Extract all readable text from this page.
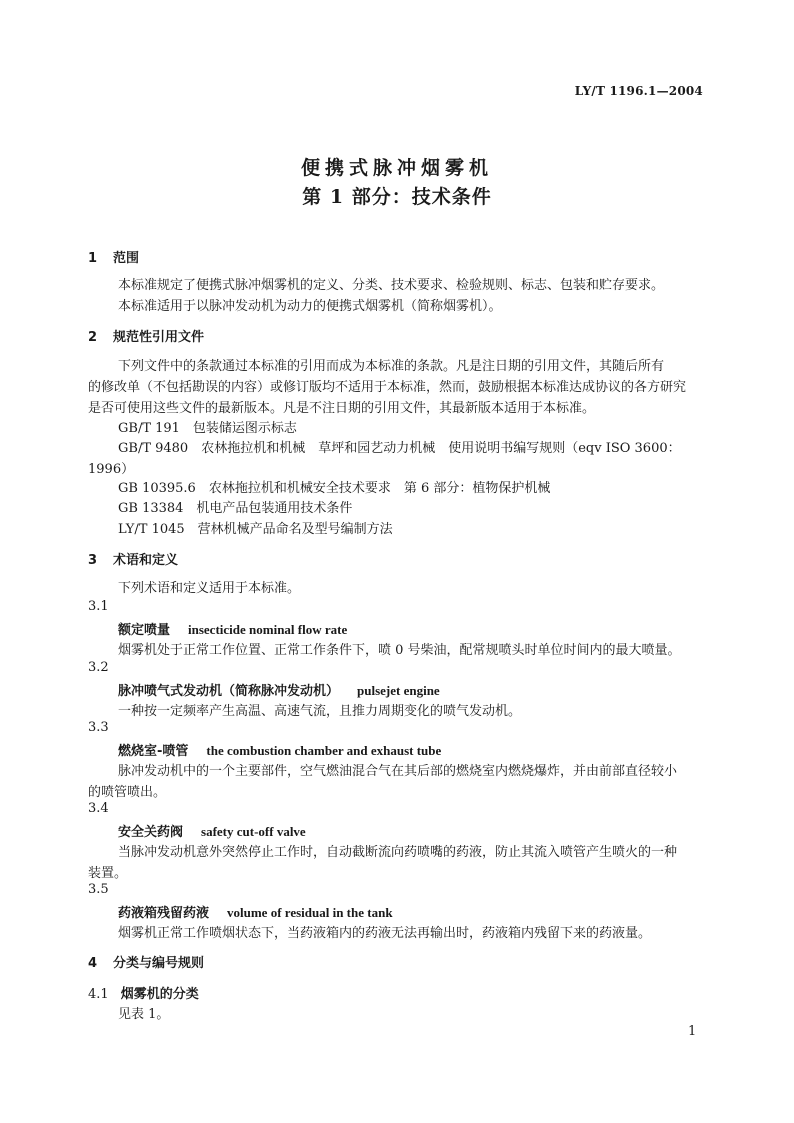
LY/T 1196.1—2004
便携式脉冲烟雾机
第 1 部分：技术条件
1 范围
本标准规定了便携式脉冲烟雾机的定义、分类、技术要求、检验规则、标志、包装和贮存要求。
本标准适用于以脉冲发动机为动力的便携式烟雾机（简称烟雾机）。
2 规范性引用文件
下列文件中的条款通过本标准的引用而成为本标准的条款。凡是注日期的引用文件，其随后所有
的修改单（不包括勘误的内容）或修订版均不适用于本标准，然而，鼓励根据本标准达成协议的各方研究
是否可使用这些文件的最新版本。凡是不注日期的引用文件，其最新版本适用于本标准。
GB/T 191　包装储运图示标志
GB/T 9480　农林拖拉机和机械　草坪和园艺动力机械　使用说明书编写规则（eqv ISO 3600：
1996）
GB 10395.6　农林拖拉机和机械安全技术要求　第 6 部分：植物保护机械
GB 13384　机电产品包装通用技术条件
LY/T 1045　营林机械产品命名及型号编制方法
3 术语和定义
下列术语和定义适用于本标准。
3.1
额定喷量 insecticide nominal flow rate
烟雾机处于正常工作位置、正常工作条件下，喷 0 号柴油，配常规喷头时单位时间内的最大喷量。
3.2
脉冲喷气式发动机（简称脉冲发动机） pulsejet engine
一种按一定频率产生高温、高速气流，且推力周期变化的喷气发动机。
3.3
燃烧室-喷管 the combustion chamber and exhaust tube
脉冲发动机中的一个主要部件，空气燃油混合气在其后部的燃烧室内燃烧爆炸，并由前部直径较小
的喷管喷出。
3.4
安全关药阀 safety cut-off valve
当脉冲发动机意外突然停止工作时，自动截断流向药喷嘴的药液，防止其流入喷管产生喷火的一种
装置。
3.5
药液箱残留药液 volume of residual in the tank
烟雾机正常工作喷烟状态下，当药液箱内的药液无法再输出时，药液箱内残留下来的药液量。
4 分类与编号规则
4.1 烟雾机的分类
见表 1。
1
